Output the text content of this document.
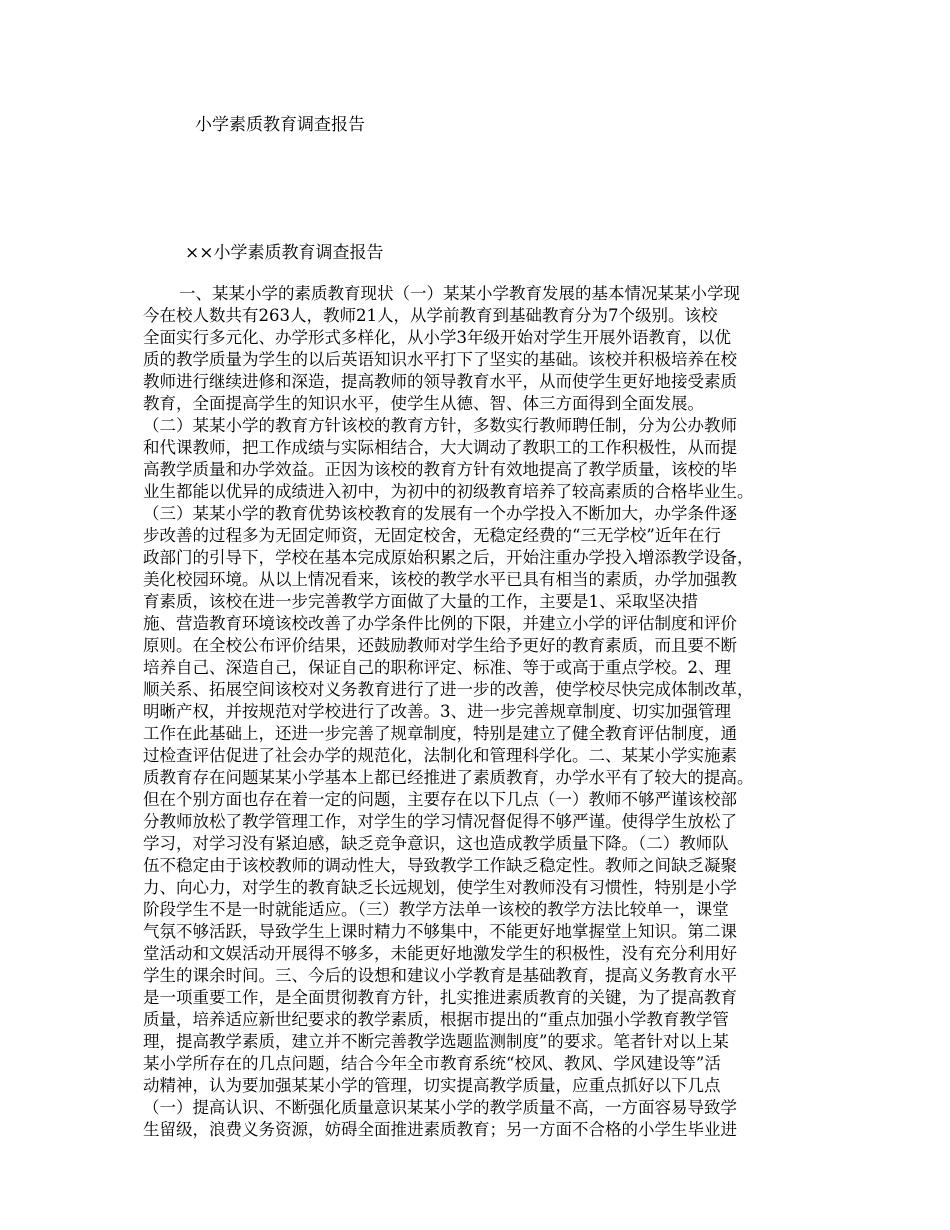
小学素质教育调查报告
××小学素质教育调查报告

一、某某小学的素质教育现状（一）某某小学教育发展的基本情况某某小学现

今在校人数共有263人，教师21人，从学前教育到基础教育分为7个级别。该校

全面实行多元化、办学形式多样化，从小学3年级开始对学生开展外语教育，以优

质的教学质量为学生的以后英语知识水平打下了坚实的基础。该校并积极培养在校

教师进行继续进修和深造，提高教师的领导教育水平，从而使学生更好地接受素质

教育，全面提高学生的知识水平，使学生从德、智、体三方面得到全面发展。

（二）某某小学的教育方针该校的教育方针，多数实行教师聘任制，分为公办教师

和代课教师，把工作成绩与实际相结合，大大调动了教职工的工作积极性，从而提

高教学质量和办学效益。正因为该校的教育方针有效地提高了教学质量，该校的毕

业生都能以优异的成绩进入初中，为初中的初级教育培养了较高素质的合格毕业生。

（三）某某小学的教育优势该校教育的发展有一个办学投入不断加大，办学条件逐

步改善的过程多为无固定师资，无固定校舍，无稳定经费的“三无学校”近年在行

政部门的引导下，学校在基本完成原始积累之后，开始注重办学投入增添教学设备，

美化校园环境。从以上情况看来，该校的教学水平已具有相当的素质，办学加强教

育素质，该校在进一步完善教学方面做了大量的工作，主要是1、采取坚决措

施、营造教育环境该校改善了办学条件比例的下限，并建立小学的评估制度和评价

原则。在全校公布评价结果，还鼓励教师对学生给予更好的教育素质，而且要不断

培养自己、深造自己，保证自己的职称评定、标准、等于或高于重点学校。2、理

顺关系、拓展空间该校对义务教育进行了进一步的改善，使学校尽快完成体制改革，

明晰产权，并按规范对学校进行了改善。3、进一步完善规章制度、切实加强管理

工作在此基础上，还进一步完善了规章制度，特别是建立了健全教育评估制度，通

过检查评估促进了社会办学的规范化，法制化和管理科学化。二、某某小学实施素

质教育存在问题某某小学基本上都已经推进了素质教育，办学水平有了较大的提高。

但在个别方面也存在着一定的问题，主要存在以下几点（一）教师不够严谨该校部

分教师放松了教学管理工作，对学生的学习情况督促得不够严谨。使得学生放松了

学习，对学习没有紧迫感，缺乏竞争意识，这也造成教学质量下降。（二）教师队

伍不稳定由于该校教师的调动性大，导致教学工作缺乏稳定性。教师之间缺乏凝聚

力、向心力，对学生的教育缺乏长远规划，使学生对教师没有习惯性，特别是小学

阶段学生不是一时就能适应。（三）教学方法单一该校的教学方法比较单一，课堂

气氛不够活跃，导致学生上课时精力不够集中，不能更好地掌握堂上知识。第二课

堂活动和文娱活动开展得不够多，未能更好地激发学生的积极性，没有充分利用好

学生的课余时间。三、今后的设想和建议小学教育是基础教育，提高义务教育水平

是一项重要工作，是全面贯彻教育方针，扎实推进素质教育的关键，为了提高教育

质量，培养适应新世纪要求的教学素质，根据市提出的“重点加强小学教育教学管

理，提高教学素质，建立并不断完善教学选题监测制度”的要求。笔者针对以上某

某小学所存在的几点问题，结合今年全市教育系统“校风、教风、学风建设等”活

动精神，认为要加强某某小学的管理，切实提高教学质量，应重点抓好以下几点

（一）提高认识、不断强化质量意识某某小学的教学质量不高，一方面容易导致学

生留级，浪费义务资源，妨碍全面推进素质教育；另一方面不合格的小学生毕业进
